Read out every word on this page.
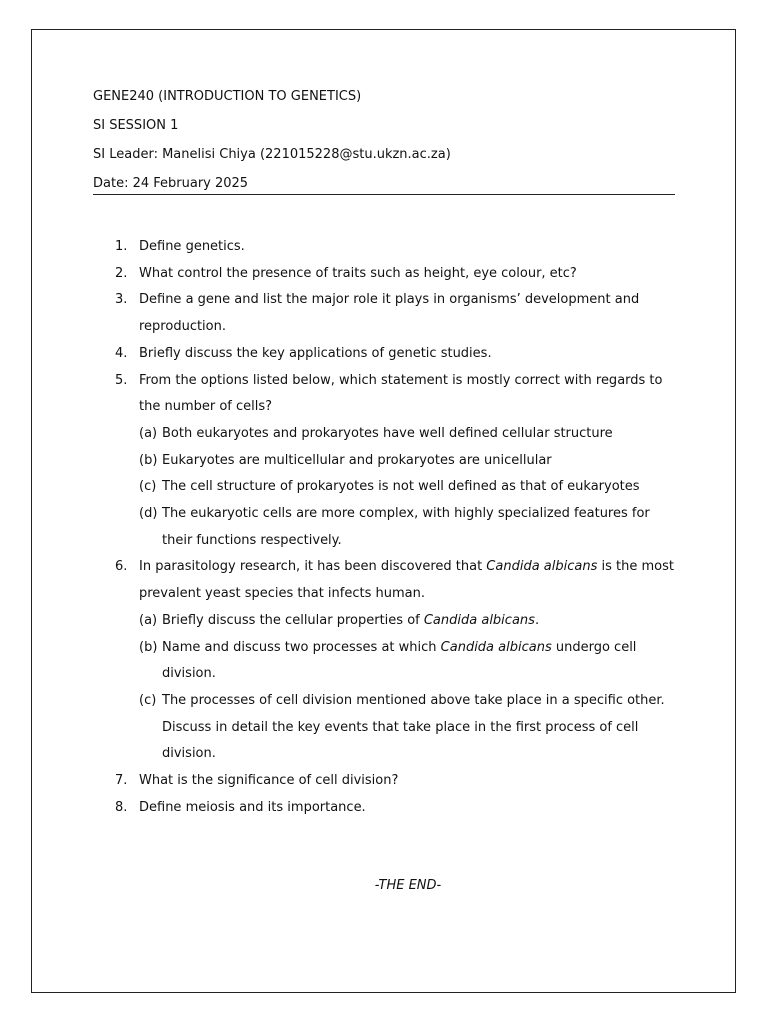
GENE240 (INTRODUCTION TO GENETICS)

SI SESSION 1

SI Leader: Manelisi Chiya (221015228@stu.ukzn.ac.za)

Date: 24 February 2025

1. Define genetics.
2. What control the presence of traits such as height, eye colour, etc?
3. Define a gene and list the major role it plays in organisms’ development and reproduction.
4. Briefly discuss the key applications of genetic studies.
5. From the options listed below, which statement is mostly correct with regards to the number of cells?
(a) Both eukaryotes and prokaryotes have well defined cellular structure
(b) Eukaryotes are multicellular and prokaryotes are unicellular
(c) The cell structure of prokaryotes is not well defined as that of eukaryotes
(d) The eukaryotic cells are more complex, with highly specialized features for their functions respectively.
6. In parasitology research, it has been discovered that Candida albicans is the most prevalent yeast species that infects human.
(a) Briefly discuss the cellular properties of Candida albicans.
(b) Name and discuss two processes at which Candida albicans undergo cell division.
(c) The processes of cell division mentioned above take place in a specific other. Discuss in detail the key events that take place in the first process of cell division.
7. What is the significance of cell division?
8. Define meiosis and its importance.
-THE END-
